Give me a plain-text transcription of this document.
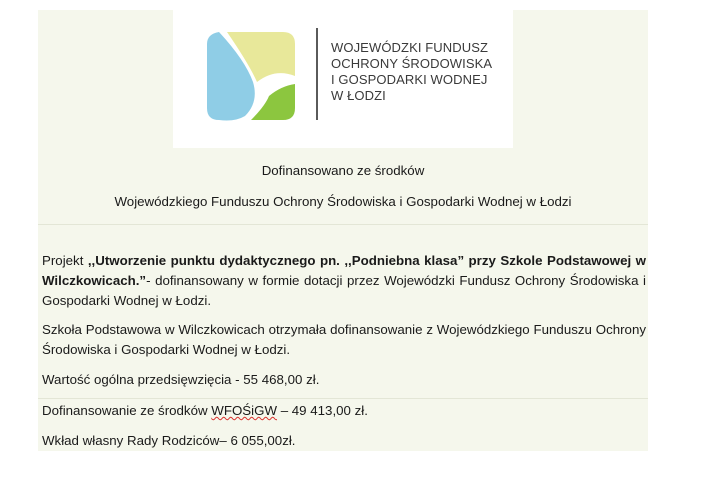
WOJEWÓDZKI FUNDUSZ
OCHRONY ŚRODOWISKA
I GOSPODARKI WODNEJ
W ŁODZI
Dofinansowano ze środków
Wojewódzkiego Funduszu Ochrony Środowiska i Gospodarki Wodnej w Łodzi
Projekt ,,Utworzenie punktu dydaktycznego pn. ,,Podniebna klasa” przy Szkole Podstawowej w Wilczkowicach.”- dofinansowany w formie dotacji przez Wojewódzki Fundusz Ochrony Środowiska i Gospodarki Wodnej w Łodzi.
Szkoła Podstawowa w Wilczkowicach otrzymała dofinansowanie z Wojewódzkiego Funduszu Ochrony Środowiska i Gospodarki Wodnej w Łodzi.
Wartość ogólna przedsięwzięcia - 55 468,00 zł.
Dofinansowanie ze środków WFOŚiGW – 49 413,00 zł.
Wkład własny Rady Rodziców– 6 055,00zł.
